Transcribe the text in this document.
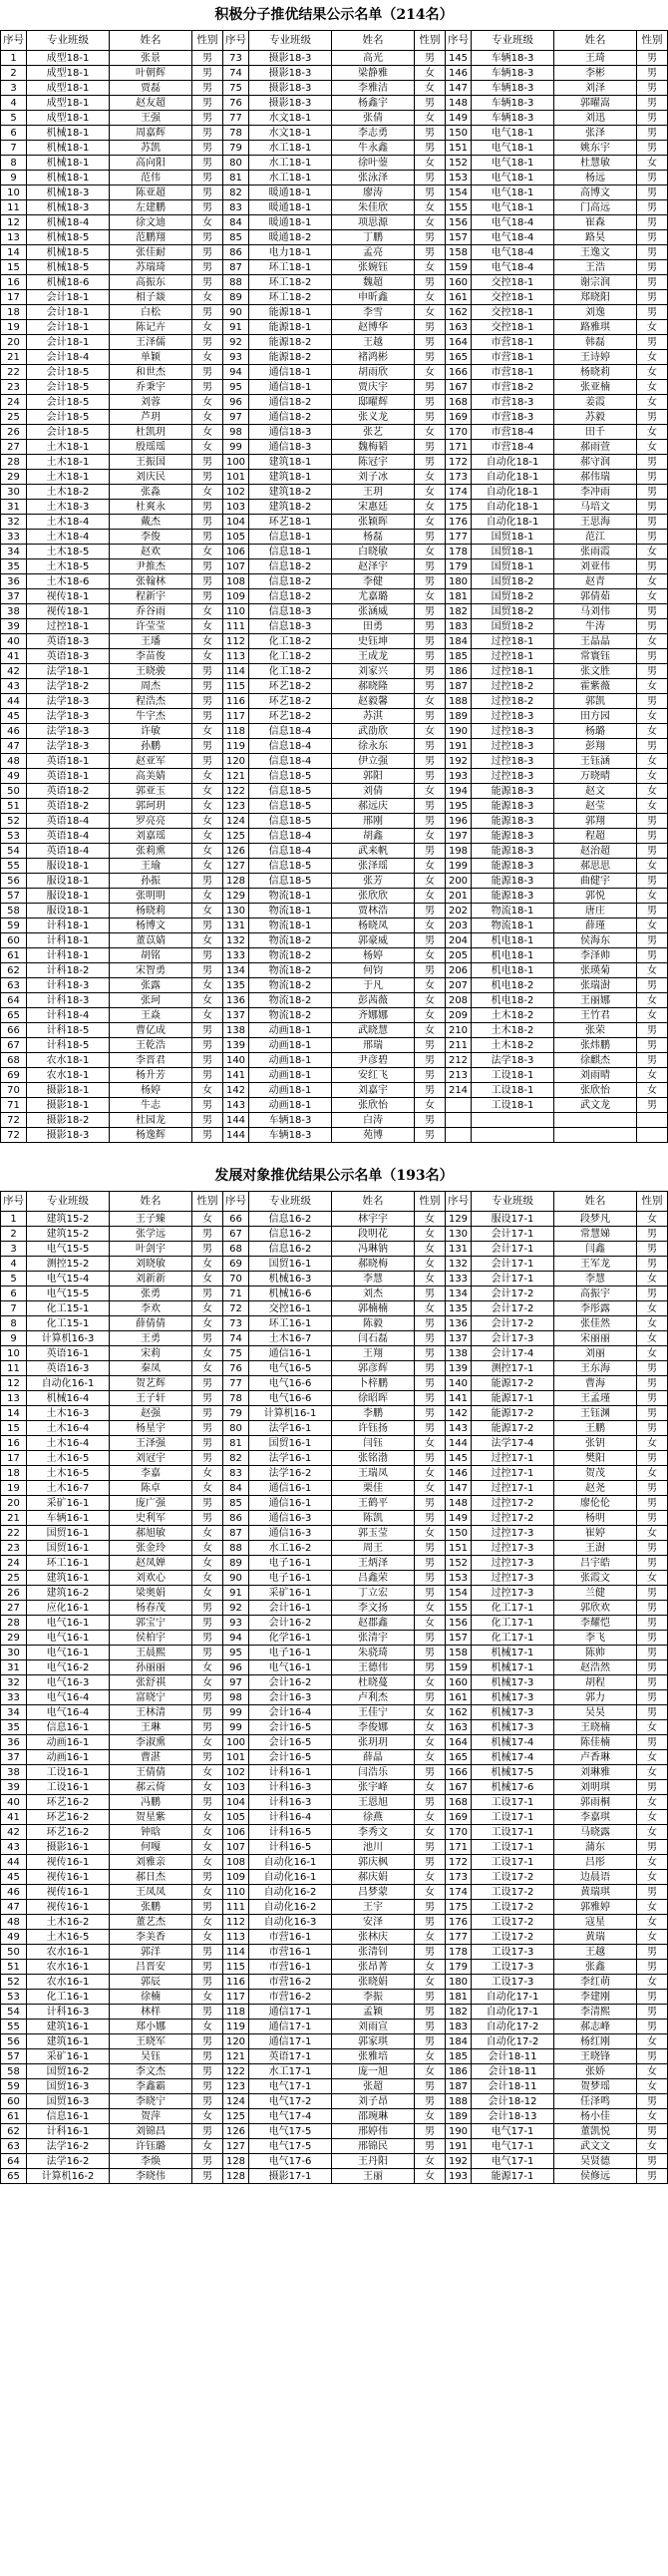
积极分子推优结果公示名单（214名）
序号	专业班级	姓名	性别	序号	专业班级	姓名	性别	序号	专业班级	姓名	性别
1	成型18-1	张景	男	73	摄影18-3	高光	男	145	车辆18-3	王琦	男
2	成型18-1	叶朝辉	男	74	摄影18-3	梁静雅	女	146	车辆18-3	李彬	男
3	成型18-1	贾磊	男	75	摄影18-3	李雅洁	女	147	车辆18-3	刘泽	男
4	成型18-1	赵友超	男	76	摄影18-3	杨鑫宇	男	148	车辆18-3	郭曜嵩	男
5	成型18-1	王强	男	77	水文18-1	张倩	女	149	车辆18-3	刘迅	男
6	机械18-1	周嘉辉	男	78	水文18-1	李志勇	男	150	电气18-1	张泽	男
7	机械18-1	苏凯	男	79	水工18-1	牛永鑫	男	151	电气18-1	姚东宇	男
8	机械18-1	高向阳	男	80	水工18-1	徐叶蓥	女	152	电气18-1	杜慧敏	女
9	机械18-1	范伟	男	81	水工18-1	张泳泽	男	153	电气18-1	杨远	男
10	机械18-3	陈亚超	男	82	暖通18-1	廖涛	男	154	电气18-1	高博文	男
11	机械18-3	左建鹏	男	83	暖通18-1	朱佳欣	女	155	电气18-1	门高远	男
12	机械18-4	徐文迪	女	84	暖通18-1	项思源	女	156	电气18-4	崔森	男
13	机械18-5	范鹏翔	男	85	暖通18-2	丁鹏	男	157	电气18-4	路昊	男
14	机械18-5	张佳耐	男	86	电力18-1	孟亮	男	158	电气18-4	王逸文	男
15	机械18-5	苏瑞琦	男	87	环工18-1	张婉钰	女	159	电气18-4	王浩	男
16	机械18-6	高振东	男	88	环工18-2	魏超	男	160	交控18-1	谢宗润	男
17	会计18-1	相子燚	女	89	环工18-2	申昕鑫	女	161	交控18-1	郑晓阳	男
18	会计18-1	白松	男	90	能源18-1	李雪	女	162	交控18-1	刘逸	男
19	会计18-1	陈记卉	女	91	能源18-1	赵博华	男	163	交控18-1	路雅琪	女
20	会计18-1	王泽儒	男	92	能源18-2	王越	男	164	市营18-1	韩磊	男
21	会计18-4	单颖	女	93	能源18-2	褚鸿彬	男	165	市营18-1	王诗婷	女
22	会计18-5	和世杰	男	94	通信18-1	胡雨欣	女	166	市营18-1	杨晓莉	女
23	会计18-5	乔秉宇	男	95	通信18-1	贾庆宇	男	167	市营18-2	张亚楠	女
24	会计18-5	刘蓉	女	96	通信18-2	邸曜辉	男	168	市营18-3	姜霞	女
25	会计18-5	芦玥	女	97	通信18-2	张义龙	男	169	市营18-3	苏毅	男
26	会计18-5	杜凯玥	女	98	通信18-3	张艺	女	170	市营18-4	田千	女
27	土木18-1	殷瑶瑶	女	99	通信18-3	魏梅韬	男	171	市营18-4	郝雨萱	女
28	土木18-1	王振国	男	100	建筑18-1	陈冠宇	男	172	自动化18-1	郝守润	男
29	土木18-1	刘庆民	男	101	建筑18-1	刘子冰	女	173	自动化18-1	郝伟瑞	男
30	土木18-2	张淼	女	102	建筑18-2	王玥	女	174	自动化18-1	李冲雨	男
31	土木18-3	杜爽永	男	103	建筑18-2	宋惠廷	女	175	自动化18-1	马培文	男
32	土木18-4	戴杰	男	104	环艺18-1	张颖晖	女	176	自动化18-1	王思海	男
33	土木18-4	李俊	男	105	信息18-1	杨磊	男	177	国贸18-1	范江	男
34	土木18-5	赵欢	女	106	信息18-1	白晓敏	女	178	国贸18-1	张雨霞	女
35	土木18-5	尹推杰	男	107	信息18-2	赵泽宇	男	179	国贸18-1	刘亚伟	男
36	土木18-6	张翰林	男	108	信息18-2	李健	男	180	国贸18-2	赵青	女
37	视传18-1	程新宇	男	109	信息18-2	尤嘉璐	女	181	国贸18-2	郭倩茹	女
38	视传18-1	乔谷雨	女	110	信息18-3	张涵威	男	182	国贸18-2	马刘伟	男
39	过控18-1	许莹莹	女	111	信息18-3	田勇	男	183	国贸18-2	牛涛	男
40	英语18-3	王璠	女	112	化工18-2	史钰坤	男	184	过控18-1	王晶晶	女
41	英语18-3	李苗俊	女	113	化工18-2	王成龙	男	185	过控18-1	常寰钰	男
42	法学18-1	王晓骏	男	114	化工18-2	刘家兴	男	186	过控18-1	张文胜	男
43	法学18-2	周杰	男	115	环艺18-2	郝晓隆	男	187	过控18-2	霍紫薇	女
44	法学18-3	程浩杰	男	116	环艺18-2	赵毅馨	女	188	过控18-2	郭凯	男
45	法学18-3	牛宇杰	男	117	环艺18-2	苏淇	男	189	过控18-3	田方园	女
46	法学18-3	许敏	女	118	信息18-4	武劭欣	女	190	过控18-3	杨璐	女
47	法学18-3	孙鹏	男	119	信息18-4	徐永东	男	191	过控18-3	彭翔	男
48	英语18-1	赵亚军	男	120	信息18-4	伊立强	男	192	过控18-3	王钰涵	女
49	英语18-1	高美婧	女	121	信息18-5	郭阳	男	193	过控18-3	万晓晴	女
50	英语18-2	郭亚玉	女	122	信息18-5	刘倩	女	194	能源18-3	赵文	女
51	英语18-2	郭珂玥	女	123	信息18-5	郝远庆	男	195	能源18-3	赵莹	女
52	英语18-4	罗亮亮	女	124	信息18-5	邢刚	男	196	能源18-3	郭翔	男
53	英语18-4	刘嘉瑶	女	125	信息18-4	胡鑫	女	197	能源18-3	程超	男
54	英语18-4	张莉熏	女	126	信息18-4	武来帆	男	198	能源18-3	赵治超	男
55	服设18-1	王瑜	女	127	信息18-5	张泽瑶	女	199	能源18-3	郝思思	女
56	服设18-1	孙振	男	128	信息18-5	张芳	女	200	能源18-3	曲健宇	男
57	服设18-1	张明明	女	129	物流18-1	张欣欣	女	201	能源18-3	郭悦	女
58	服设18-1	杨晓莉	女	130	物流18-1	贾林浩	男	202	物流18-1	唐庄	男
59	计科18-1	杨博文	男	131	物流18-1	杨晓凤	女	203	物流18-1	薛瑾	女
60	计科18-1	董苡婧	女	132	物流18-2	郭豪威	男	204	机电18-1	侯海东	男
61	计科18-1	胡铭	男	133	物流18-2	杨婷	女	205	机电18-1	李泽帅	男
62	计科18-2	宋智勇	男	134	物流18-2	何钧	男	206	机电18-1	张瑛菊	女
63	计科18-3	张露	女	135	物流18-2	于凡	女	207	机电18-2	张瑞澍	男
64	计科18-3	张珂	女	136	物流18-2	彭茜薇	女	208	机电18-2	王丽娜	女
65	计科18-4	王焱	女	137	物流18-2	齐娜娜	女	209	土木18-2	王竹君	女
66	计科18-5	曹亿成	男	138	动画18-1	武晓慧	女	210	土木18-2	张荣	男
67	计科18-5	王乾浩	男	139	动画18-1	邢瑞	男	211	土木18-2	张炜鹏	男
68	农水18-1	李晋君	男	140	动画18-1	尹彦碧	男	212	法学18-3	徐麒杰	男
69	农水18-1	杨升芳	男	141	动画18-1	安红飞	男	213	工设18-1	刘雨晴	女
70	摄影18-1	杨婷	女	142	动画18-1	刘嘉宇	男	214	工设18-1	张欣怡	女
71	摄影18-1	牛志	男	143	动画18-1	张欣怡	女		工设18-1	武文龙	男
72	摄影18-2	杜园龙	男	144	车辆18-3	白涛	男				
72	摄影18-3	杨逸辉	男	144	车辆18-3	苑博	男				
发展对象推优结果公示名单（193名）
序号	专业班级	姓名	性别	序号	专业班级	姓名	性别	序号	专业班级	姓名	性别
1	建筑15-2	王子臻	女	66	信息16-2	林宇宇	女	129	服设17-1	段梦凡	女
2	建筑15-2	张学远	男	67	信息16-2	段明花	女	130	会计17-1	常慧娣	男
3	电气15-5	叶剑宇	男	68	信息16-2	冯琳钠	女	131	会计17-1	闫鑫	男
4	测控15-2	刘晓敏	女	69	国贸16-1	郝晓梅	女	132	会计17-1	王军龙	男
5	电气15-4	刘新新	女	70	机械16-3	李慧	女	133	会计17-1	李慧	女
6	电气15-5	张勇	男	71	机械16-6	刘杰	男	134	会计17-2	高振宇	男
7	化工15-1	李欢	女	72	交控16-1	郭楠楠	女	135	会计17-2	李彤露	女
8	化工15-1	薛倩倩	女	73	环工16-1	陈毅	男	136	会计17-2	张佳然	女
9	计算机16-3	王勇	男	74	土木16-7	闫石磊	男	137	会计17-3	宋丽丽	女
10	英语16-1	宋莉	女	75	通信16-1	王翔	男	138	会计17-4	刘丽	女
11	英语16-3	秦凤	女	76	电气16-5	郭彦辉	男	139	测控17-1	王东海	男
12	自动化16-1	贺艺辉	男	77	电气16-6	卜梓鹏	男	140	能源17-2	曹海	男
13	机械16-4	王子轩	男	78	电气16-6	徐昭晖	男	141	能源17-1	王孟瑾	男
14	土木16-3	赵强	男	79	计算机16-1	李鹏	男	142	能源17-2	王钰渊	男
15	土木16-4	杨星宇	男	80	法学16-1	许钰扬	男	143	能源17-2	王鹏	男
16	土木16-4	王泽强	男	81	国贸16-1	闫钰	女	144	法学17-4	张钥	女
17	土木16-5	刘冠宇	男	82	法学16-1	张铭渤	男	145	过控17-1	樊阳	男
18	土木16-5	李嘉	女	83	法学16-2	王瑞凤	女	146	过控17-1	贺茂	女
19	土木16-7	陈卓	女	84	通信16-1	栗佳	女	147	过控17-1	赵尧	男
20	采矿16-1	庞广强	男	85	通信16-1	王鹤平	男	148	过控17-2	廖伦伦	男
21	车辆16-1	史利军	男	86	通信16-3	陈凯	男	149	过控17-2	杨明	男
22	国贸16-1	郝旭敏	女	87	通信16-3	郭玉莹	女	150	过控17-3	崔婷	女
23	国贸16-1	张金玲	女	88	水工16-2	周王	男	151	过控17-3	王澍	男
24	环工16-1	赵凤婵	女	89	电子16-1	王炳泽	男	152	过控17-3	吕宇皓	男
25	建筑16-1	刘欢心	女	90	电子16-1	吕鑫荣	男	153	过控17-3	张霞文	女
26	建筑16-2	梁奥娟	女	91	采矿16-1	丁立宏	男	154	过控17-3	兰健	男
27	应化16-1	杨春茂	男	92	会计16-1	李文扬	女	155	化工17-1	郭欣欢	男
28	电气16-1	郭宝宁	男	93	会计16-2	赵郡鑫	女	156	化工17-1	李耀恺	男
29	电气16-1	侯柏宇	男	94	化学16-1	张清宇	男	157	化工17-1	李飞	男
30	电气16-1	王晨熙	男	95	电子16-1	朱骁琦	男	158	机械17-1	陈帅	男
31	电气16-2	孙丽丽	女	96	电气16-1	王德伟	男	159	机械17-1	赵浩然	男
32	电气16-3	张舒祺	女	97	会计16-2	杜晓蔓	女	160	机械17-3	胡程	男
33	电气16-4	富晓宁	男	98	会计16-3	卢利杰	男	161	机械17-3	郭力	男
34	电气16-4	王林清	男	99	会计16-4	王佳宁	女	162	机械17-3	吴昊	男
35	信息16-1	王琳	男	99	会计16-5	李俊娜	女	163	机械17-3	王晓楠	女
36	动画16-1	李淑熏	女	100	会计16-5	张玥玥	女	164	机械17-4	陈佳楠	男
37	动画16-1	曹湛	男	101	会计16-5	薛晶	女	165	机械17-4	卢香琳	女
38	工设16-1	王倩倩	女	102	计科16-1	闫浩乐	男	166	机械17-5	刘琳雅	女
39	工设16-1	郝云倚	女	103	计科16-3	张宇峰	女	167	机械17-6	刘明琪	男
40	环艺16-2	冯鹏	男	104	计科16-3	王恩旭	男	168	工设17-1	郭雨桐	女
41	环艺16-2	贺星紫	女	105	计科16-4	徐燕	女	169	工设17-1	李嘉琪	女
42	环艺16-2	钟晗	女	106	计科16-5	李秀文	女	170	工设17-1	马晓露	女
43	摄影16-1	何嘎	女	107	计科16-5	池川	男	171	工设17-1	蒲东	男
44	视传16-1	刘雅亲	女	108	自动化16-1	郭庆枫	男	172	工设17-1	吕彤	女
45	视传16-1	郝日杰	男	109	自动化16-1	郝庆娟	女	173	工设17-2	边晨语	女
46	视传16-1	王凤凤	女	110	自动化16-2	吕梦蒙	女	174	工设17-2	黄瑞琪	男
47	视传16-1	张鹏	男	111	自动化16-2	王宇	男	175	工设17-2	郭雅婷	女
48	土木16-2	董艺杰	女	112	自动化16-3	安泽	男	176	工设17-2	寇星	女
49	土木16-5	李美香	女	113	市营16-1	张林庆	女	177	工设17-2	黄瑞	女
50	农水16-1	郭洋	男	114	市营16-1	张清钊	男	178	工设17-3	王越	男
51	农水16-1	吕晋安	男	115	市营16-1	张昂菁	女	179	工设17-3	张鑫	男
52	农水16-1	郭辰	男	116	市营16-2	张晓娟	女	180	工设17-3	李红萌	女
53	化工16-1	徐楠	女	117	市营16-2	李振	男	181	自动化17-1	李建刚	男
54	计科16-3	林样	男	118	通信17-1	孟颖	男	182	自动化17-1	李清熙	男
55	建筑16-1	郑小娜	女	119	通信17-1	刘雨宣	男	183	自动化17-2	郝志峰	男
56	建筑16-1	王晓军	男	120	通信17-1	郭家琪	男	184	自动化17-2	杨红刚	女
57	采矿16-1	吴钰	男	121	英语17-1	张雅培	女	185	会计18-11	王晓锋	男
58	国贸16-2	李文杰	男	122	水工17-1	庞一旭	女	186	会计18-11	张娇	女
59	国贸16-3	李鑫霸	男	123	电气17-1	张超	男	187	会计18-11	贺梦瑶	女
60	国贸16-3	李晓宁	男	124	电气17-2	刘子昂	男	188	会计18-12	任泽鸣	男
61	信息16-1	贺萍	女	125	电气17-4	邵琬琳	女	189	会计18-13	杨小佳	女
62	计科16-1	刘锦昌	男	126	电气17-5	邢婷伟	男	190	电气17-1	董凯悦	男
63	法学16-2	许钰璐	女	127	电气17-5	邢锦民	男	191	电气17-1	武文文	女
64	法学16-2	李焕	男	128	电气17-6	王丹阳	女	192	电气17-1	吴贤德	男
65	计算机16-2	李晓伟	男	128	摄影17-1	王丽	女	193	能源17-1	侯修远	男
